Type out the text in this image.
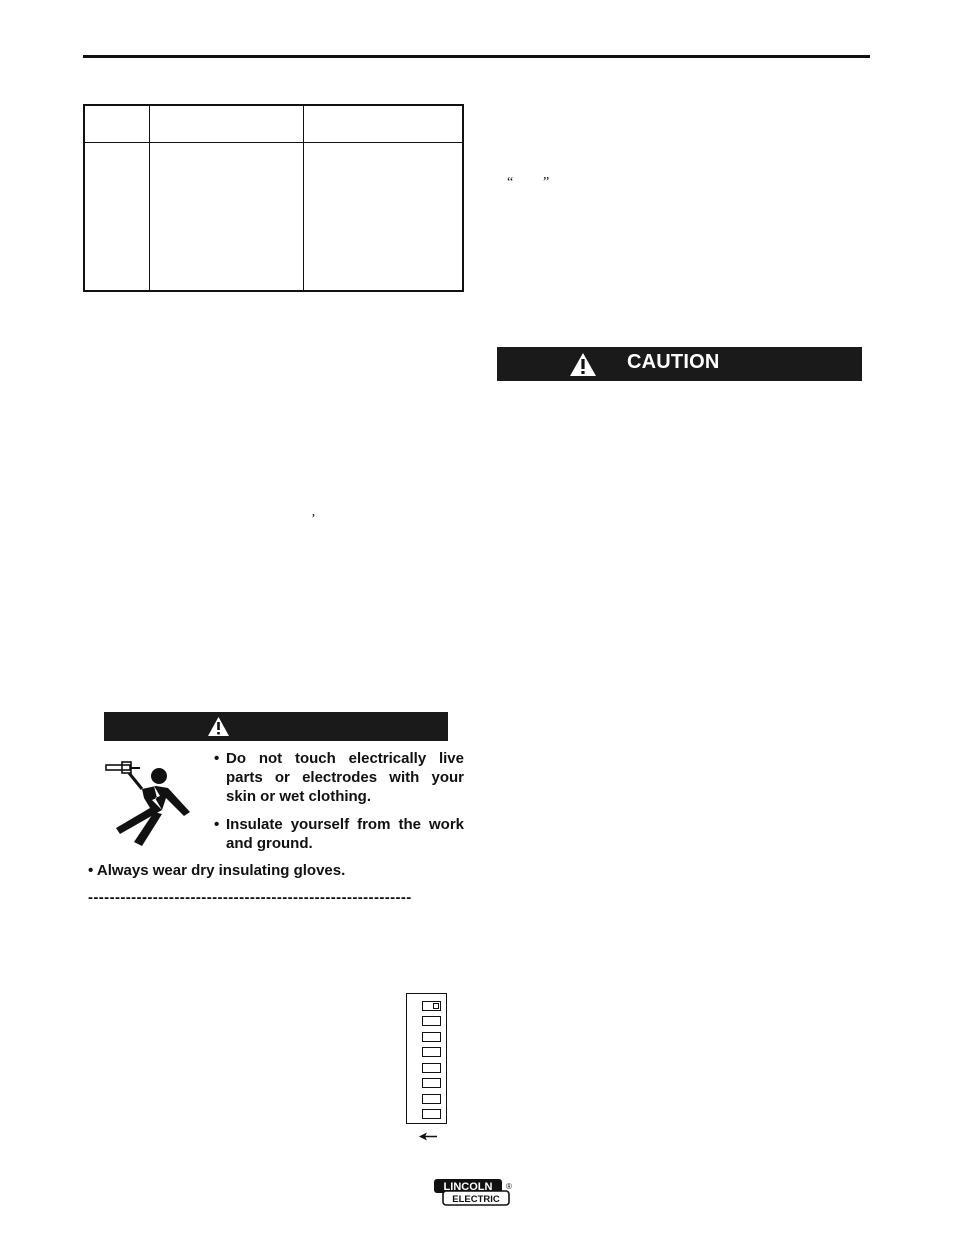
“ ”
’
CAUTION
• Do not touch electrically live parts or electrodes with your skin or wet clothing.
• Insulate yourself from the work and ground.
• Always wear dry insulating gloves.
------------------------------------------------------------
LINCOLN
ELECTRIC
®
